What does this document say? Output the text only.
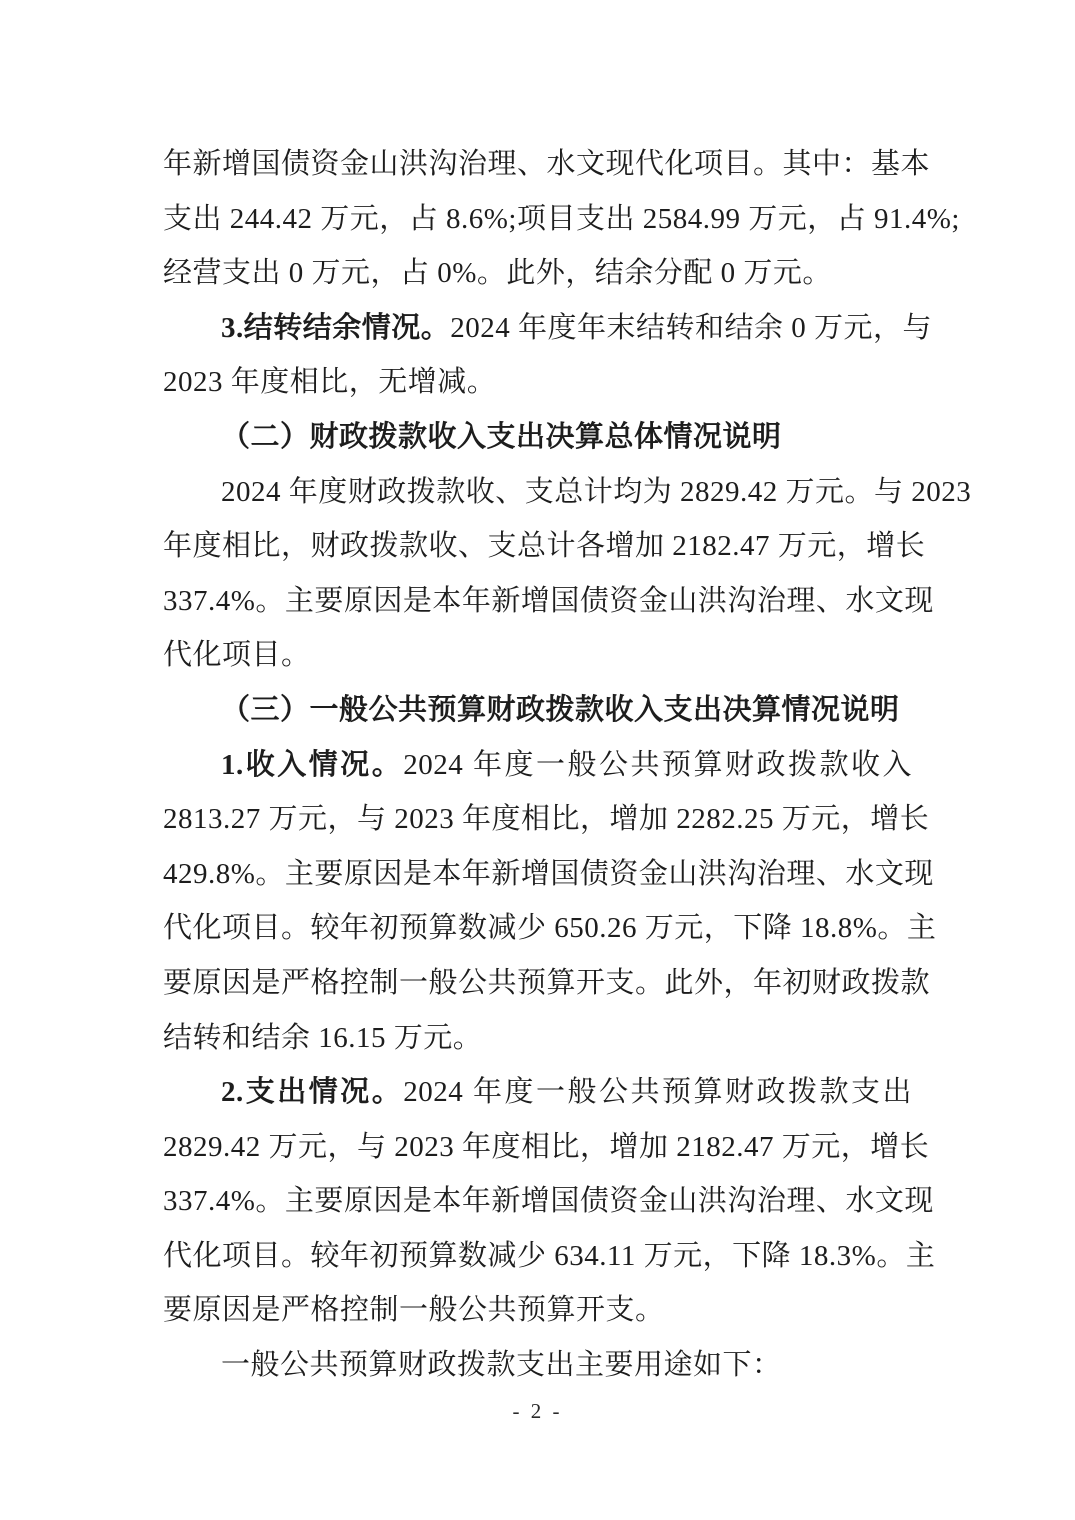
年新增国债资金山洪沟治理、水文现代化项目。其中：基本
支出 244.42 万元，占 8.6%;项目支出 2584.99 万元，占 91.4%;
经营支出 0 万元，占 0%。此外，结余分配 0 万元。
3.结转结余情况。2024 年度年末结转和结余 0 万元，与
2023 年度相比，无增减。
（二）财政拨款收入支出决算总体情况说明
2024 年度财政拨款收、支总计均为 2829.42 万元。与 2023
年度相比，财政拨款收、支总计各增加 2182.47 万元，增长
337.4%。主要原因是本年新增国债资金山洪沟治理、水文现
代化项目。
（三）一般公共预算财政拨款收入支出决算情况说明
1.收入情况。2024 年度一般公共预算财政拨款收入
2813.27 万元，与 2023 年度相比，增加 2282.25 万元，增长
429.8%。主要原因是本年新增国债资金山洪沟治理、水文现
代化项目。较年初预算数减少 650.26 万元，下降 18.8%。主
要原因是严格控制一般公共预算开支。此外，年初财政拨款
结转和结余 16.15 万元。
2.支出情况。2024 年度一般公共预算财政拨款支出
2829.42 万元，与 2023 年度相比，增加 2182.47 万元，增长
337.4%。主要原因是本年新增国债资金山洪沟治理、水文现
代化项目。较年初预算数减少 634.11 万元，下降 18.3%。主
要原因是严格控制一般公共预算开支。
一般公共预算财政拨款支出主要用途如下：
- 2 -
